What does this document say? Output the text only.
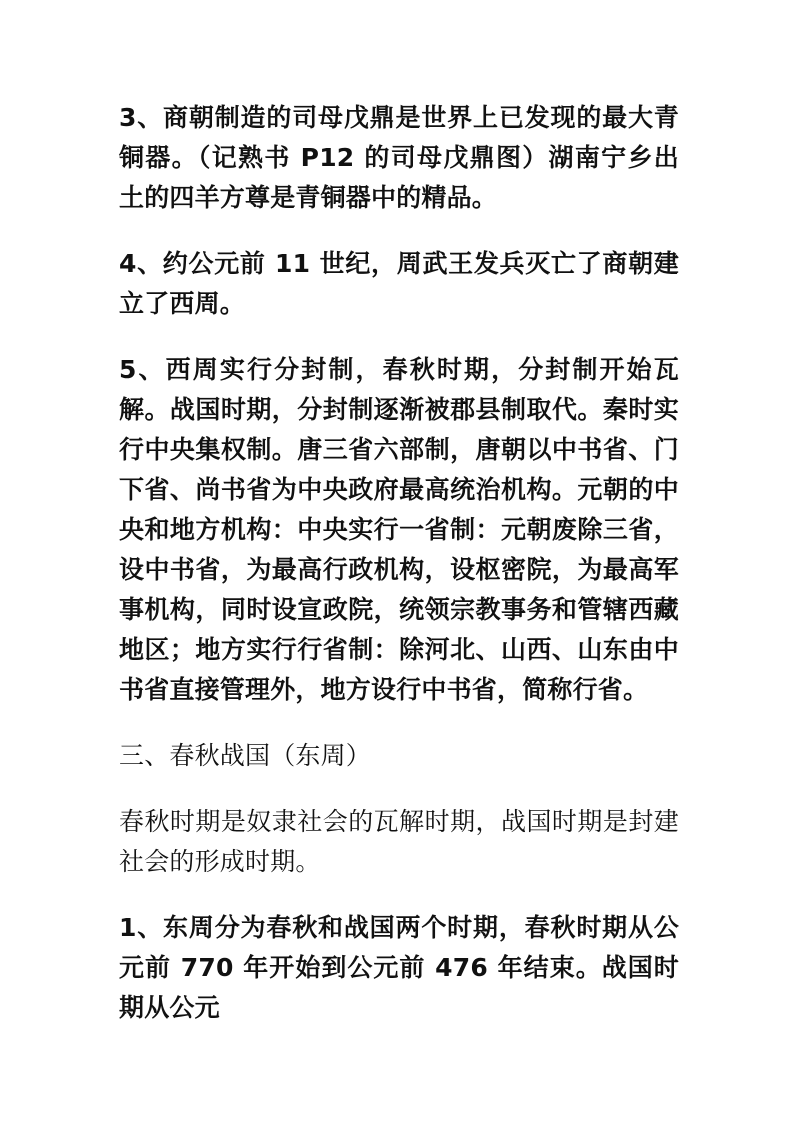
3、商朝制造的司母戊鼎是世界上已发现的最大青铜器。（记熟书 P12 的司母戊鼎图）湖南宁乡出土的四羊方尊是青铜器中的精品。

4、约公元前 11 世纪，周武王发兵灭亡了商朝建立了西周。

5、西周实行分封制，春秋时期，分封制开始瓦解。战国时期，分封制逐渐被郡县制取代。秦时实行中央集权制。唐三省六部制，唐朝以中书省、门下省、尚书省为中央政府最高统治机构。元朝的中央和地方机构：中央实行一省制：元朝废除三省，设中书省，为最高行政机构，设枢密院，为最高军事机构，同时设宣政院，统领宗教事务和管辖西藏地区；地方实行行省制：除河北、山西、山东由中书省直接管理外，地方设行中书省，简称行省。

三、春秋战国（东周）

春秋时期是奴隶社会的瓦解时期，战国时期是封建社会的形成时期。

1、东周分为春秋和战国两个时期，春秋时期从公元前 770 年开始到公元前 476 年结束。战国时期从公元
